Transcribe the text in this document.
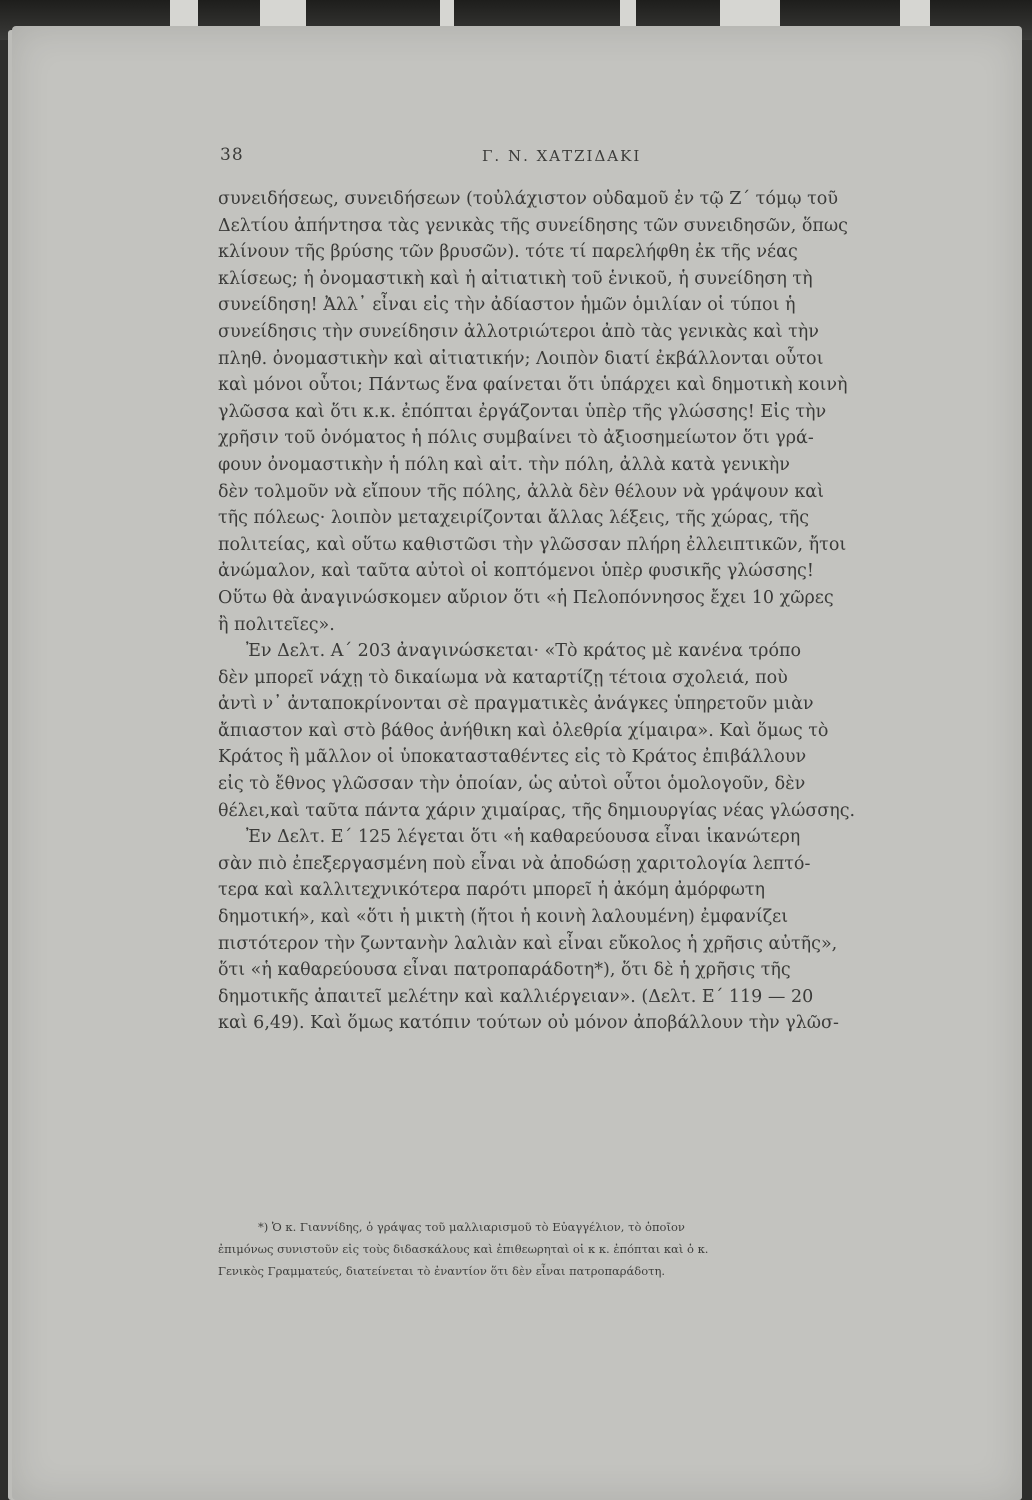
38	Γ. Ν. ΧΑΤΖΙΔΑΚΙ
συνειδήσεως, συνειδήσεων (τοὐλάχιστον οὐδαμοῦ ἐν τῷ Ζ΄ τόμῳ τοῦ
Δελτίου ἀπήντησα τὰς γενικὰς τῆς συνείδησης τῶν συνειδησῶν, ὅπως
κλίνουν τῆς βρύσης τῶν βρυσῶν). τότε τί παρελήφθη ἐκ τῆς νέας
κλίσεως; ἡ ὀνομαστικὴ καὶ ἡ αἰτιατικὴ τοῦ ἑνικοῦ, ἡ συνείδηση τὴ
συνείδηση! Ἀλλ᾽ εἶναι εἰς τὴν ἀδίαστον ἡμῶν ὁμιλίαν οἱ τύποι ἡ
συνείδησις τὴν συνείδησιν ἀλλοτριώτεροι ἀπὸ τὰς γενικὰς καὶ τὴν
πληθ. ὀνομαστικὴν καὶ αἰτιατικήν; Λοιπὸν διατί ἐκβάλλονται οὗτοι
καὶ μόνοι οὗτοι; Πάντως ἕνα φαίνεται ὅτι ὑπάρχει καὶ δημοτικὴ κοινὴ
γλῶσσα καὶ ὅτι κ.κ. ἐπόπται ἐργάζονται ὑπὲρ τῆς γλώσσης! Εἰς τὴν
χρῆσιν τοῦ ὀνόματος ἡ πόλις συμβαίνει τὸ ἀξιοσημείωτον ὅτι γρά-
φουν ὀνομαστικὴν ἡ πόλη καὶ αἰτ. τὴν πόλη, ἀλλὰ κατὰ γενικὴν
δὲν τολμοῦν νὰ εἴπουν τῆς πόλης, ἀλλὰ δὲν θέλουν νὰ γράψουν καὶ
τῆς πόλεως· λοιπὸν μεταχειρίζονται ἄλλας λέξεις, τῆς χώρας, τῆς
πολιτείας, καὶ οὕτω καθιστῶσι τὴν γλῶσσαν πλήρη ἐλλειπτικῶν, ἤτοι
ἀνώμαλον, καὶ ταῦτα αὐτοὶ οἱ κοπτόμενοι ὑπὲρ φυσικῆς γλώσσης!
Οὕτω θὰ ἀναγινώσκομεν αὔριον ὅτι «ἡ Πελοπόννησος ἔχει 10 χῶρες
ἢ πολιτεῖες».
Ἐν Δελτ. Α΄ 203 ἀναγινώσκεται· «Τὸ κράτος μὲ κανένα τρόπο
δὲν μπορεῖ νάχῃ τὸ δικαίωμα νὰ καταρτίζῃ τέτοια σχολειά, ποὺ
ἀντὶ ν᾽ ἀνταποκρίνονται σὲ πραγματικὲς ἀνάγκες ὑπηρετοῦν μιὰν
ἄπιαστον καὶ στὸ βάθος ἀνήθικη καὶ ὀλεθρία χίμαιρα». Καὶ ὅμως τὸ
Κράτος ἢ μᾶλλον οἱ ὑποκατασταθέντες εἰς τὸ Κράτος ἐπιβάλλουν
εἰς τὸ ἔθνος γλῶσσαν τὴν ὁποίαν, ὡς αὐτοὶ οὗτοι ὁμολογοῦν, δὲν
θέλει,καὶ ταῦτα πάντα χάριν χιμαίρας, τῆς δημιουργίας νέας γλώσσης.
Ἐν Δελτ. Ε΄ 125 λέγεται ὅτι «ἡ καθαρεύουσα εἶναι ἱκανώτερη
σὰν πιὸ ἐπεξεργασμένη ποὺ εἶναι νὰ ἀποδώσῃ χαριτολογία λεπτό-
τερα καὶ καλλιτεχνικότερα παρότι μπορεῖ ἡ ἀκόμη ἀμόρφωτη
δημοτική», καὶ «ὅτι ἡ μικτὴ (ἤτοι ἡ κοινὴ λαλουμένη) ἐμφανίζει
πιστότερον τὴν ζωντανὴν λαλιὰν καὶ εἶναι εὔκολος ἡ χρῆσις αὐτῆς»,
ὅτι «ἡ καθαρεύουσα εἶναι πατροπαράδοτη*), ὅτι δὲ ἡ χρῆσις τῆς
δημοτικῆς ἀπαιτεῖ μελέτην καὶ καλλιέργειαν». (Δελτ. Ε΄ 119 — 20
καὶ 6,49). Καὶ ὅμως κατόπιν τούτων οὐ μόνον ἀποβάλλουν τὴν γλῶσ-
*) Ὁ κ. Γιαννίδης, ὁ γράψας τοῦ μαλλιαρισμοῦ τὸ Εὐαγγέλιον, τὸ ὁποῖον
ἐπιμόνως συνιστοῦν εἰς τοὺς διδασκάλους καὶ ἐπιθεωρηταὶ οἱ κ κ. ἐπόπται καὶ ὁ κ.
Γενικὸς Γραμματεύς, διατείνεται τὸ ἐναντίον ὅτι δὲν εἶναι πατροπαράδοτη.
